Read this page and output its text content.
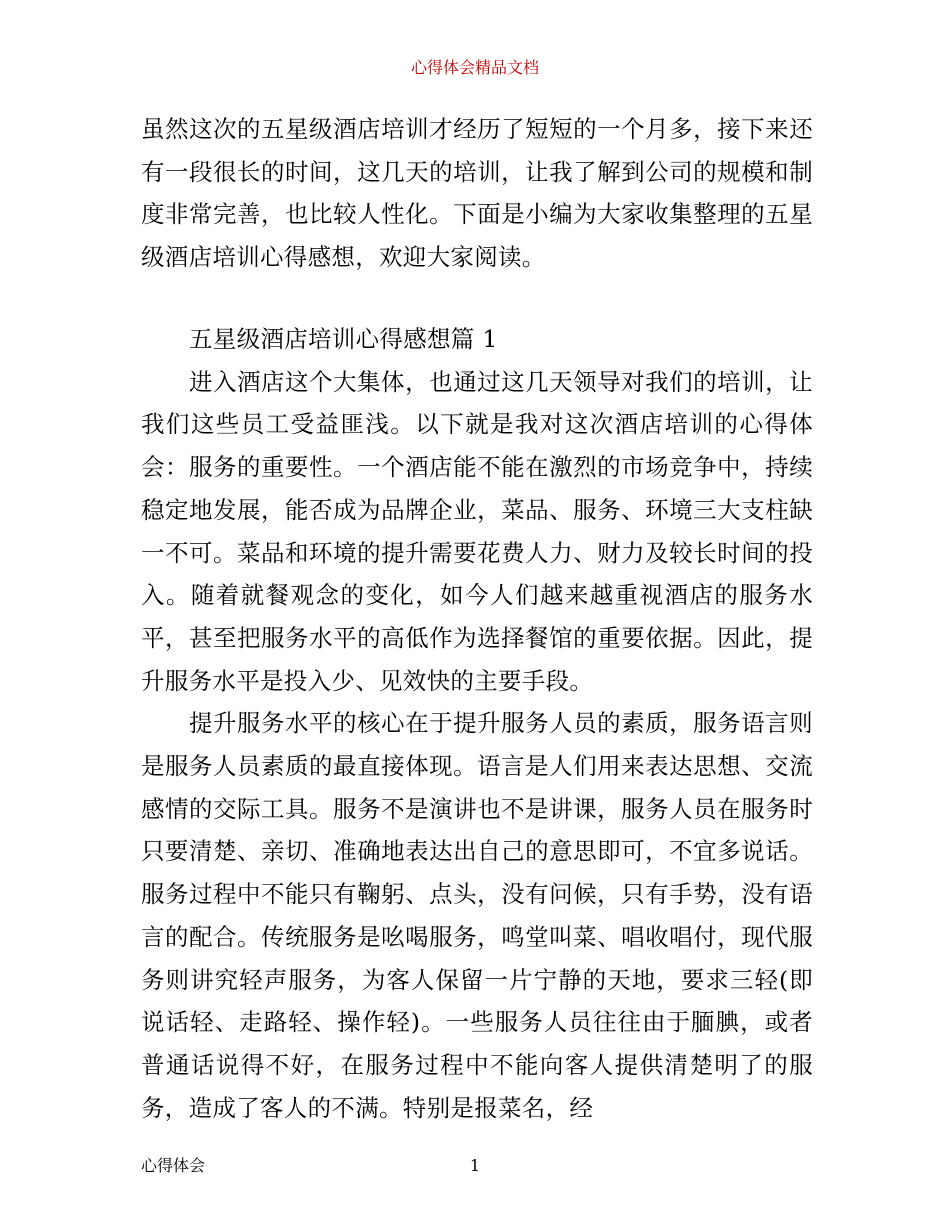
心得体会精品文档

虽然这次的五星级酒店培训才经历了短短的一个月多，接下来还有一段很长的时间，这几天的培训，让我了解到公司的规模和制度非常完善，也比较人性化。下面是小编为大家收集整理的五星级酒店培训心得感想，欢迎大家阅读。

五星级酒店培训心得感想篇 1

进入酒店这个大集体，也通过这几天领导对我们的培训，让我们这些员工受益匪浅。以下就是我对这次酒店培训的心得体会：服务的重要性。一个酒店能不能在激烈的市场竞争中，持续稳定地发展，能否成为品牌企业，菜品、服务、环境三大支柱缺一不可。菜品和环境的提升需要花费人力、财力及较长时间的投入。随着就餐观念的变化，如今人们越来越重视酒店的服务水平，甚至把服务水平的高低作为选择餐馆的重要依据。因此，提升服务水平是投入少、见效快的主要手段。

提升服务水平的核心在于提升服务人员的素质，服务语言则是服务人员素质的最直接体现。语言是人们用来表达思想、交流感情的交际工具。服务不是演讲也不是讲课，服务人员在服务时只要清楚、亲切、准确地表达出自己的意思即可，不宜多说话。服务过程中不能只有鞠躬、点头，没有问候，只有手势，没有语言的配合。传统服务是吆喝服务，鸣堂叫菜、唱收唱付，现代服务则讲究轻声服务，为客人保留一片宁静的天地，要求三轻(即说话轻、走路轻、操作轻)。一些服务人员往往由于腼腆，或者普通话说得不好，在服务过程中不能向客人提供清楚明了的服务，造成了客人的不满。特别是报菜名，经

心得体会	1
